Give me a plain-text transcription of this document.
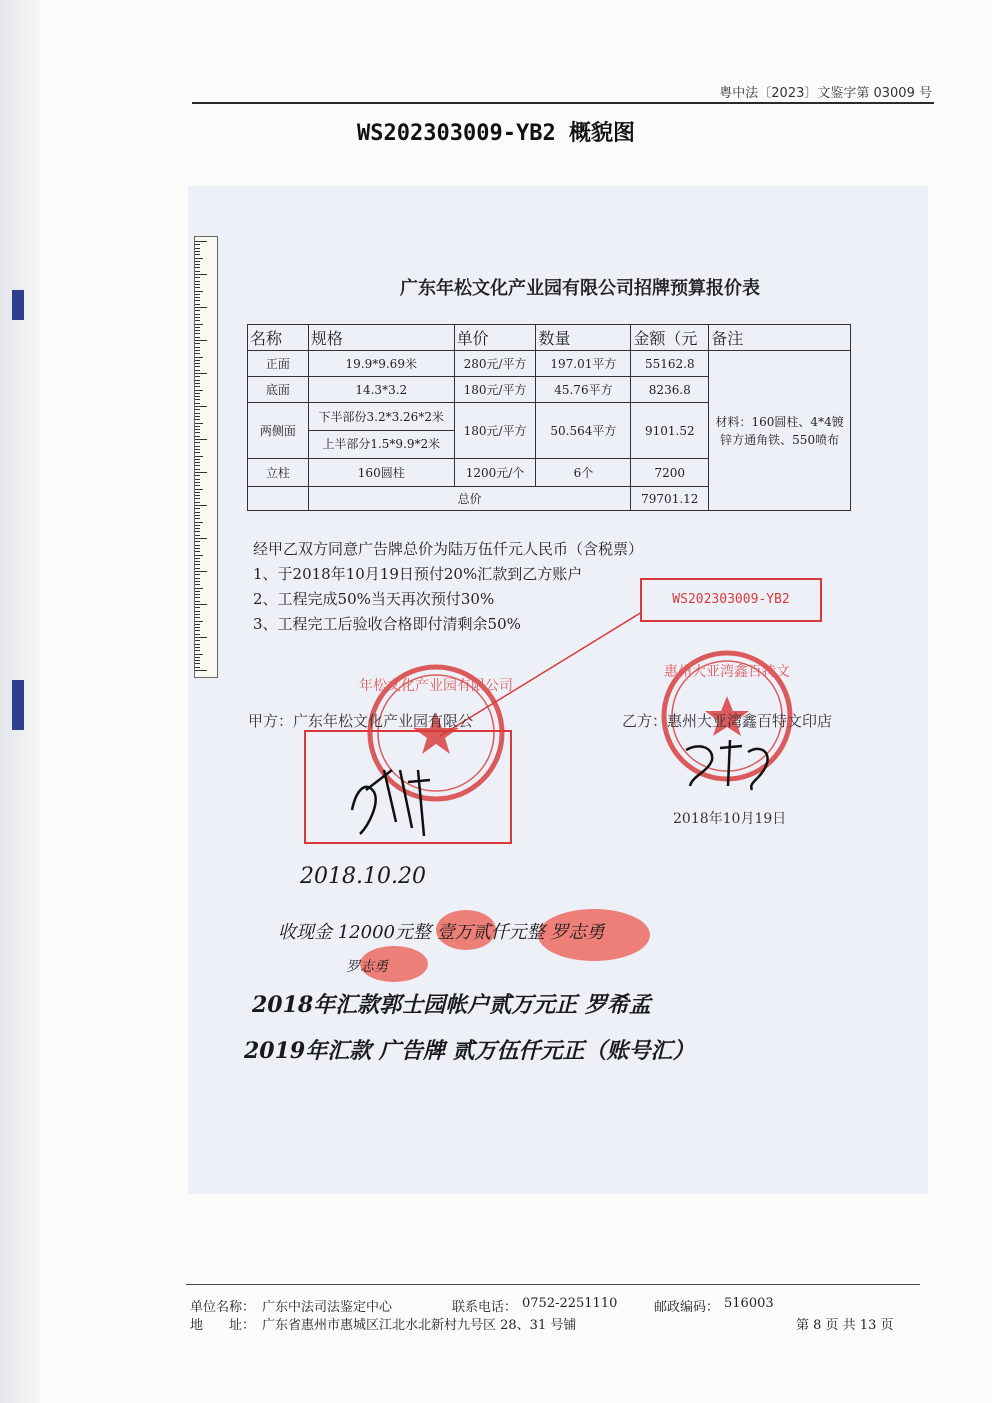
粤中法〔2023〕文鉴字第 03009 号
WS202303009-YB2 概貌图
广东年松文化产业园有限公司招牌预算报价表
名称	规格	单价	数量	金额（元	备注
正面	19.9*9.69米	280元/平方	197.01平方	55162.8	材料：160圆柱、4*4镀锌方通角铁、550喷布
底面	14.3*3.2	180元/平方	45.76平方	8236.8	
两侧面	下半部份3.2*3.26*2米
上半部分1.5*9.9*2米	180元/平方	50.564平方	9101.52	
立柱	160圆柱	1200元/个	6个	7200	
	总价			79701.12	
经甲乙双方同意广告牌总价为陆万伍仟元人民币（含税票）
1、于2018年10月19日预付20%汇款到乙方账户
2、工程完成50%当天再次预付30%
3、工程完工后验收合格即付清剩余50%
年松文化产业园有限公司
惠州大亚湾鑫百特文
WS202303009-YB2
甲方：广东年松文化产业园有限公	乙方：惠州大亚湾鑫百特文印店
2018年10月19日
2018.10.20
收现金 12000元整 壹万贰仟元整 罗志勇
罗志勇
2018年汇款郭士园帐户贰万元正 罗希孟
2019年汇款 广告牌 贰万伍仟元正（账号汇）
单位名称： 广东中法司法鉴定中心	联系电话： 0752-2251110	邮政编码： 516003
地　　址： 广东省惠州市惠城区江北水北新村九号区 28、31 号铺	第 8 页 共 13 页
